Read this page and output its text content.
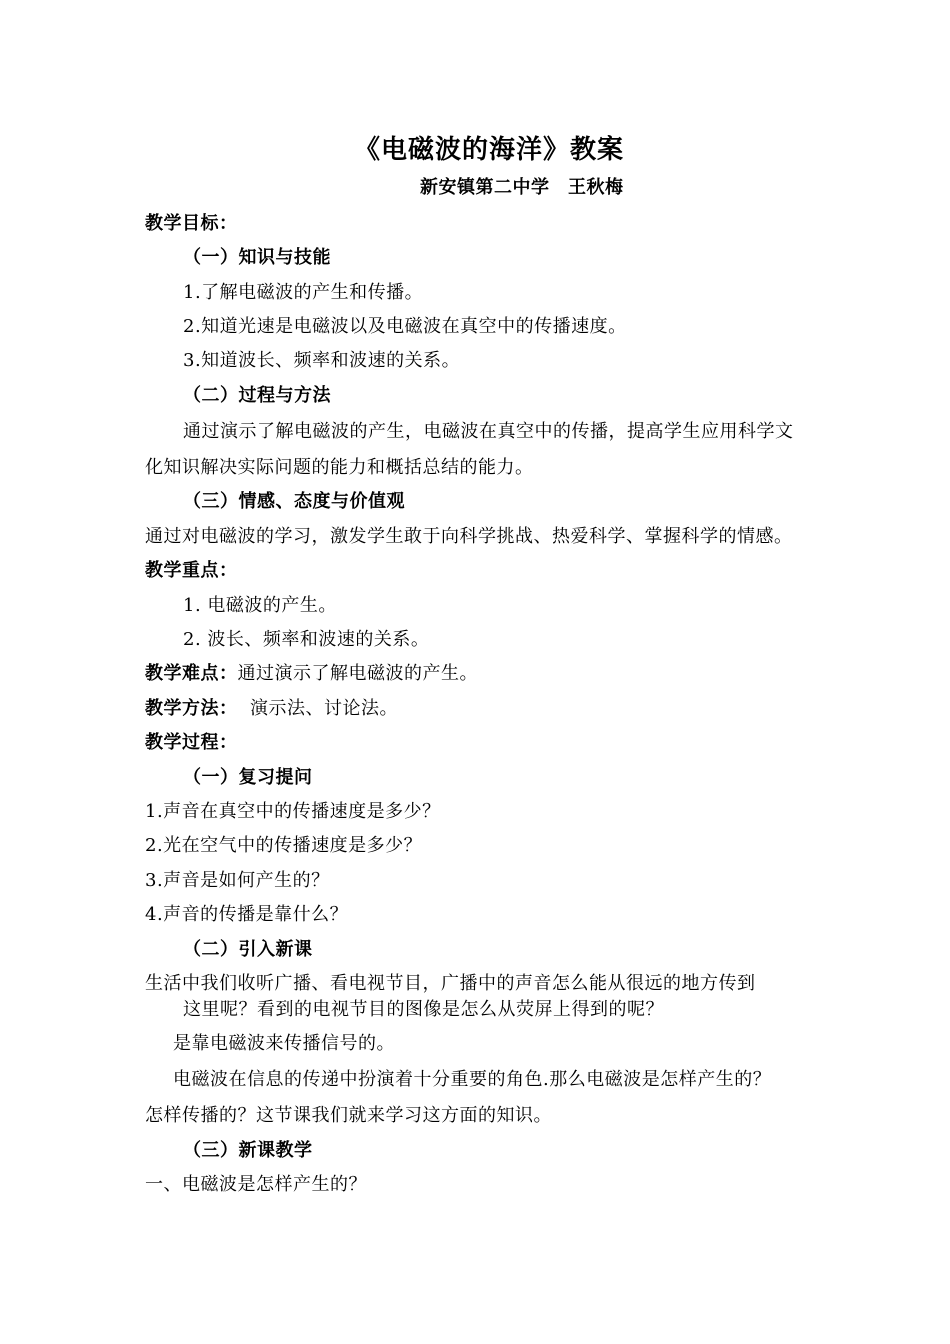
《电磁波的海洋》教案
新安镇第二中学　王秋梅
教学目标：
（一）知识与技能
1.了解电磁波的产生和传播。
2.知道光速是电磁波以及电磁波在真空中的传播速度。
3.知道波长、频率和波速的关系。
（二）过程与方法
通过演示了解电磁波的产生，电磁波在真空中的传播，提高学生应用科学文
化知识解决实际问题的能力和概括总结的能力。
（三）情感、态度与价值观
通过对电磁波的学习，激发学生敢于向科学挑战、热爱科学、掌握科学的情感。
教学重点：
1. 电磁波的产生。
2. 波长、频率和波速的关系。
教学难点：通过演示了解电磁波的产生。
教学方法：  演示法、讨论法。
教学过程：
（一）复习提问
1.声音在真空中的传播速度是多少？
2.光在空气中的传播速度是多少？
3.声音是如何产生的？
4.声音的传播是靠什么？
（二）引入新课
生活中我们收听广播、看电视节目，广播中的声音怎么能从很远的地方传到
这里呢？看到的电视节目的图像是怎么从荧屏上得到的呢？
是靠电磁波来传播信号的。
电磁波在信息的传递中扮演着十分重要的角色.那么电磁波是怎样产生的？
怎样传播的？这节课我们就来学习这方面的知识。
（三）新课教学
一、电磁波是怎样产生的？
